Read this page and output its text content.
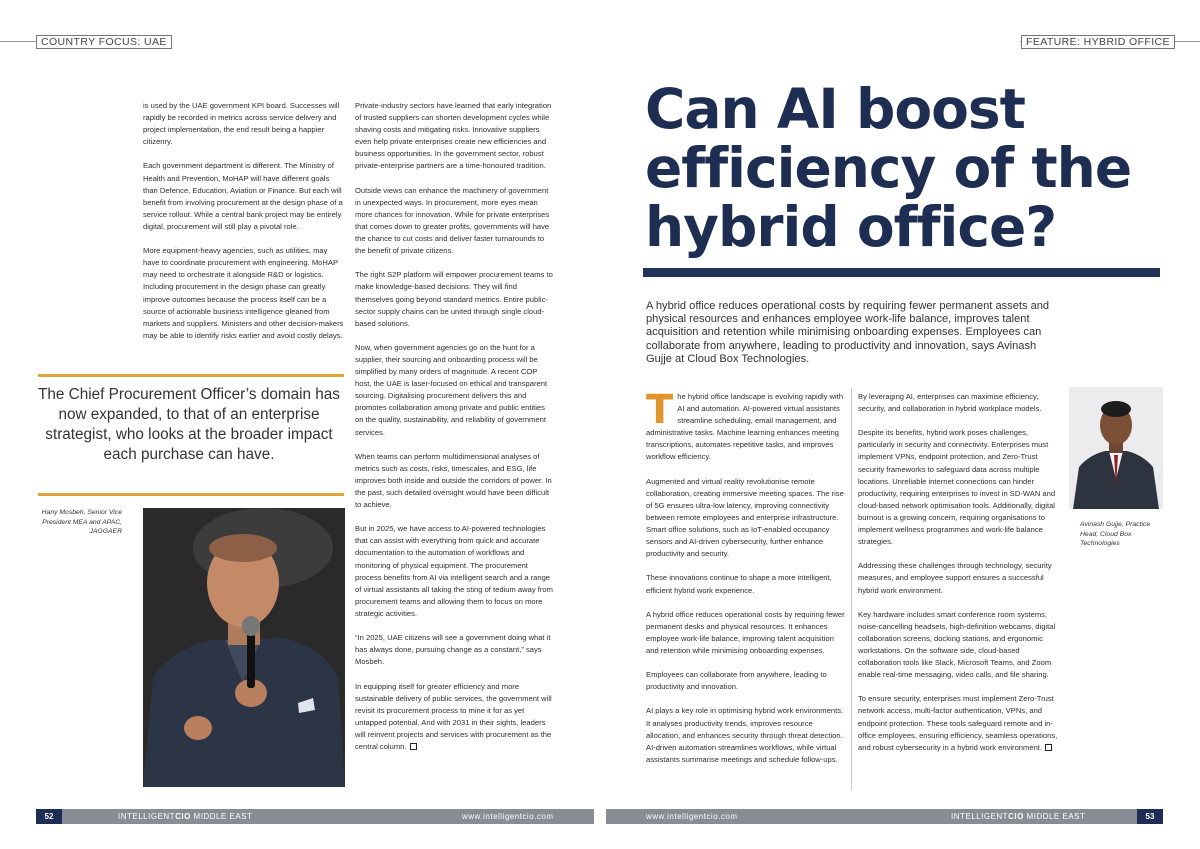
COUNTRY FOCUS: UAE	FEATURE: HYBRID OFFICE

is used by the UAE government KPI board. Successes will rapidly be recorded in metrics across service delivery and project implementation, the end result being a happier citizenry.

Each government department is different. The Ministry of Health and Prevention, MoHAP will have different goals than Defence, Education, Aviation or Finance. But each will benefit from involving procurement at the design phase of a service rollout. While a central bank project may be entirely digital, procurement will still play a pivotal role.

More equipment-heavy agencies, such as utilities, may have to coordinate procurement with engineering. MoHAP may need to orchestrate it alongside R&D or logistics. Including procurement in the design phase can greatly improve outcomes because the process itself can be a source of actionable business intelligence gleaned from markets and suppliers. Ministers and other decision-makers may be able to identify risks earlier and avoid costly delays.

The Chief Procurement Officer’s domain has now expanded, to that of an enterprise strategist, who looks at the broader impact each purchase can have.
Hany Mosbeh, Senior Vice President MEA and APAC, JAGGAER

Private-industry sectors have learned that early integration of trusted suppliers can shorten development cycles while shaving costs and mitigating risks. Innovative suppliers even help private enterprises create new efficiencies and business opportunities. In the government sector, robust private-enterprise partners are a time-honoured tradition.

Outside views can enhance the machinery of government in unexpected ways. In procurement, more eyes mean more chances for innovation. While for private enterprises that comes down to greater profits, governments will have the chance to cut costs and deliver faster turnarounds to the benefit of private citizens.

The right S2P platform will empower procurement teams to make knowledge-based decisions. They will find themselves going beyond standard metrics. Entire public-sector supply chains can be united through single cloud-based solutions.

Now, when government agencies go on the hunt for a supplier, their sourcing and onboarding process will be simplified by many orders of magnitude. A recent COP host, the UAE is laser-focused on ethical and transparent sourcing. Digitalising procurement delivers this and promotes collaboration among private and public entities on the quality, sustainability, and reliability of government services.

When teams can perform multidimensional analyses of metrics such as costs, risks, timescales, and ESG, life improves both inside and outside the corridors of power. In the past, such detailed oversight would have been difficult to achieve.

But in 2025, we have access to AI-powered technologies that can assist with everything from quick and accurate documentation to the automation of workflows and monitoring of physical equipment. The procurement process benefits from AI via intelligent search and a range of virtual assistants all taking the sting of tedium away from procurement teams and allowing them to focus on more strategic activities.

“In 2025, UAE citizens will see a government doing what it has always done, pursuing change as a constant,” says Mosbeh.

In equipping itself for greater efficiency and more sustainable delivery of public services, the government will revisit its procurement process to mine it for as yet untapped potential. And with 2031 in their sights, leaders will reinvent projects and services with procurement as the central column.

Can AI boost efficiency of the hybrid office?
A hybrid office reduces operational costs by requiring fewer permanent assets and physical resources and enhances employee work-life balance, improves talent acquisition and retention while minimising onboarding expenses. Employees can collaborate from anywhere, leading to productivity and innovation, says Avinash Gujje at Cloud Box Technologies.

The hybrid office landscape is evolving rapidly with AI and automation. AI-powered virtual assistants streamline scheduling, email management, and administrative tasks. Machine learning enhances meeting transcriptions, automates repetitive tasks, and improves workflow efficiency.

Augmented and virtual reality revolutionise remote collaboration, creating immersive meeting spaces. The rise of 5G ensures ultra-low latency, improving connectivity between remote employees and enterprise infrastructure. Smart office solutions, such as IoT-enabled occupancy sensors and AI-driven cybersecurity, further enhance productivity and security.

These innovations continue to shape a more intelligent, efficient hybrid work experience.

A hybrid office reduces operational costs by requiring fewer permanent desks and physical resources. It enhances employee work-life balance, improving talent acquisition and retention while minimising onboarding expenses.

Employees can collaborate from anywhere, leading to productivity and innovation.

AI plays a key role in optimising hybrid work environments. It analyses productivity trends, improves resource allocation, and enhances security through threat detection. AI-driven automation streamlines workflows, while virtual assistants summarise meetings and schedule follow-ups.

By leveraging AI, enterprises can maximise efficiency, security, and collaboration in hybrid workplace models.

Despite its benefits, hybrid work poses challenges, particularly in security and connectivity. Enterprises must implement VPNs, endpoint protection, and Zero-Trust security frameworks to safeguard data across multiple locations. Unreliable internet connections can hinder productivity, requiring enterprises to invest in SD-WAN and cloud-based network optimisation tools. Additionally, digital burnout is a growing concern, requiring organisations to implement wellness programmes and work-life balance strategies.

Addressing these challenges through technology, security measures, and employee support ensures a successful hybrid work environment.

Key hardware includes smart conference room systems, noise-cancelling headsets, high-definition webcams, digital collaboration screens, docking stations, and ergonomic workstations. On the software side, cloud-based collaboration tools like Slack, Microsoft Teams, and Zoom enable real-time messaging, video calls, and file sharing.

To ensure security, enterprises must implement Zero-Trust network access, multi-factor authentication, VPNs, and endpoint protection. These tools safeguard remote and in-office employees, ensuring efficiency, seamless operations, and robust cybersecurity in a hybrid work environment.

Avinash Gujje, Practice Head, Cloud Box Technologies
52	INTELLIGENTCIO MIDDLE EAST	www.intelligentcio.com	www.intelligentcio.com	INTELLIGENTCIO MIDDLE EAST	53
